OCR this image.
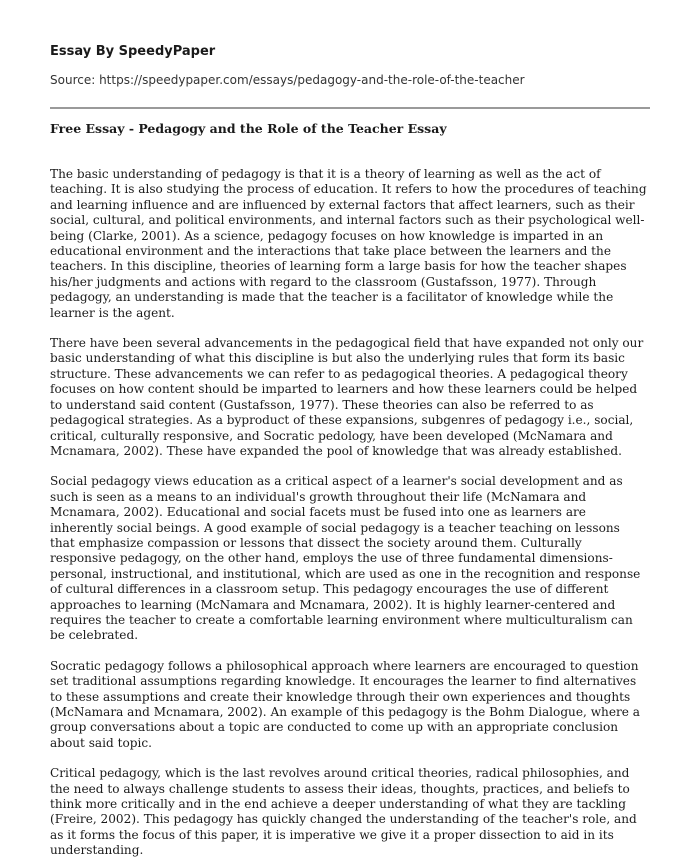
Essay By SpeedyPaper
Source: https://speedypaper.com/essays/pedagogy-and-the-role-of-the-teacher
Free Essay - Pedagogy and the Role of the Teacher Essay

The basic understanding of pedagogy is that it is a theory of learning as well as the act of teaching. It is also studying the process of education. It refers to how the procedures of teaching and learning influence and are influenced by external factors that affect learners, such as their social, cultural, and political environments, and internal factors such as their psychological well-being (Clarke, 2001). As a science, pedagogy focuses on how knowledge is imparted in an educational environment and the interactions that take place between the learners and the teachers. In this discipline, theories of learning form a large basis for how the teacher shapes his/her judgments and actions with regard to the classroom (Gustafsson, 1977). Through pedagogy, an understanding is made that the teacher is a facilitator of knowledge while the learner is the agent.

There have been several advancements in the pedagogical field that have expanded not only our basic understanding of what this discipline is but also the underlying rules that form its basic structure. These advancements we can refer to as pedagogical theories. A pedagogical theory focuses on how content should be imparted to learners and how these learners could be helped to understand said content (Gustafsson, 1977). These theories can also be referred to as pedagogical strategies. As a byproduct of these expansions, subgenres of pedagogy i.e., social, critical, culturally responsive, and Socratic pedology, have been developed (McNamara and Mcnamara, 2002). These have expanded the pool of knowledge that was already established.

Social pedagogy views education as a critical aspect of a learner's social development and as such is seen as a means to an individual's growth throughout their life (McNamara and Mcnamara, 2002). Educational and social facets must be fused into one as learners are inherently social beings. A good example of social pedagogy is a teacher teaching on lessons that emphasize compassion or lessons that dissect the society around them. Culturally responsive pedagogy, on the other hand, employs the use of three fundamental dimensions- personal, instructional, and institutional, which are used as one in the recognition and response of cultural differences in a classroom setup. This pedagogy encourages the use of different approaches to learning (McNamara and Mcnamara, 2002). It is highly learner-centered and requires the teacher to create a comfortable learning environment where multiculturalism can be celebrated.

Socratic pedagogy follows a philosophical approach where learners are encouraged to question set traditional assumptions regarding knowledge. It encourages the learner to find alternatives to these assumptions and create their knowledge through their own experiences and thoughts (McNamara and Mcnamara, 2002). An example of this pedagogy is the Bohm Dialogue, where a group conversations about a topic are conducted to come up with an appropriate conclusion about said topic.

Critical pedagogy, which is the last revolves around critical theories, radical philosophies, and the need to always challenge students to assess their ideas, thoughts, practices, and beliefs to think more critically and in the end achieve a deeper understanding of what they are tackling (Freire, 2002). This pedagogy has quickly changed the understanding of the teacher's role, and as it forms the focus of this paper, it is imperative we give it a proper dissection to aid in its understanding.
